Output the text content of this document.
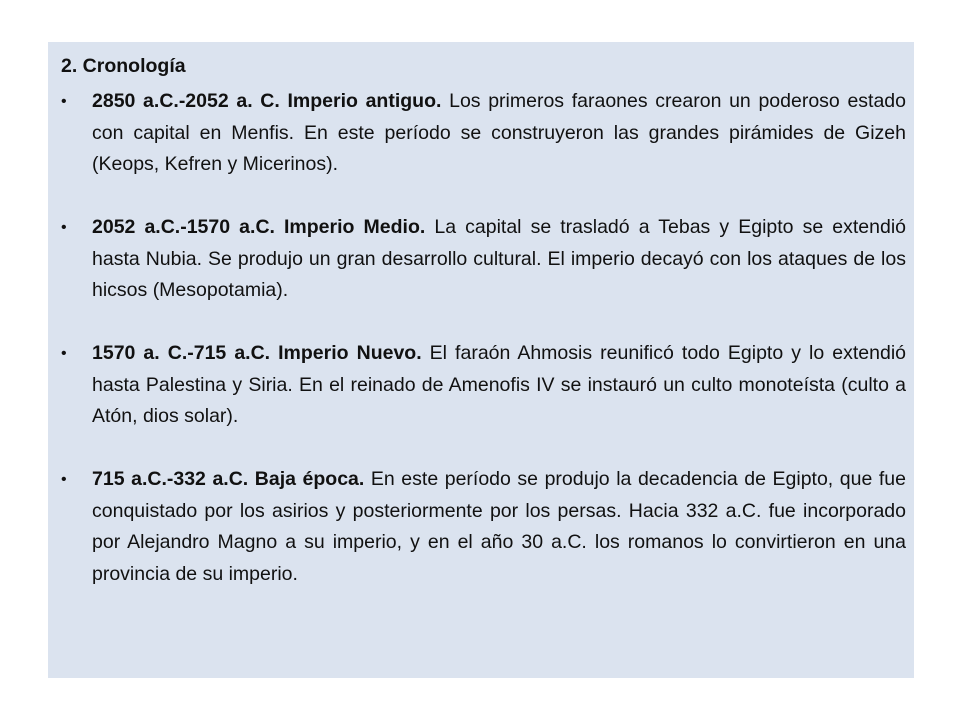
2. Cronología
• 2850 a.C.-2052 a. C. Imperio antiguo. Los primeros faraones crearon un poderoso estado con capital en Menfis. En este período se construyeron las grandes pirámides de Gizeh (Keops, Kefren y Micerinos).
• 2052 a.C.-1570 a.C. Imperio Medio. La capital se trasladó a Tebas y Egipto se extendió hasta Nubia. Se produjo un gran desarrollo cultural. El imperio decayó con los ataques de los hicsos (Mesopotamia).
• 1570 a. C.-715 a.C. Imperio Nuevo. El faraón Ahmosis reunificó todo Egipto y lo extendió hasta Palestina y Siria. En el reinado de Amenofis IV se instauró un culto monoteísta (culto a Atón, dios solar).
• 715 a.C.-332 a.C. Baja época. En este período se produjo la decadencia de Egipto, que fue conquistado por los asirios y posteriormente por los persas. Hacia 332 a.C. fue incorporado por Alejandro Magno a su imperio, y en el año 30 a.C. los romanos lo convirtieron en una provincia de su imperio.
